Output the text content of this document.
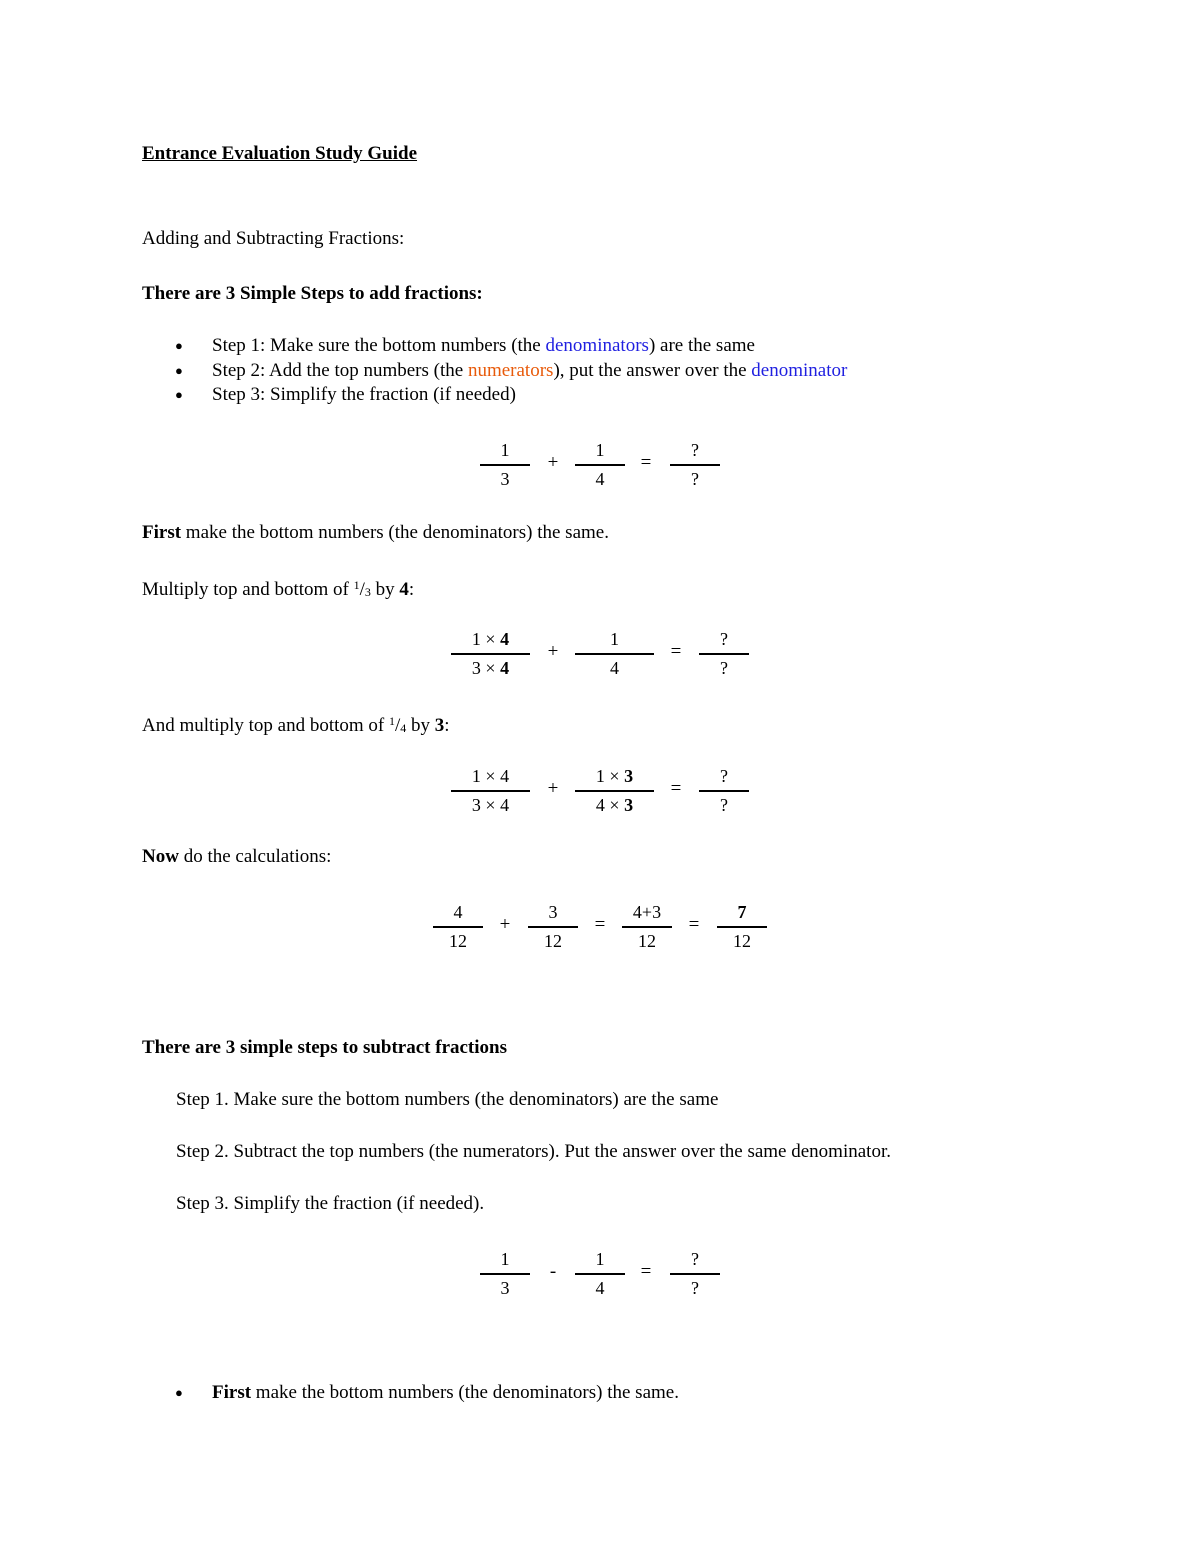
Entrance Evaluation Study Guide
Adding and Subtracting Fractions:
There are 3 Simple Steps to add fractions:
● Step 1: Make sure the bottom numbers (the denominators) are the same
● Step 2: Add the top numbers (the numerators), put the answer over the denominator
● Step 3: Simplify the fraction (if needed)
1
3
+
1
4
=
?
?
First make the bottom numbers (the denominators) the same.
Multiply top and bottom of $^1/_3$ by 4:
1 × 4
3 × 4
+
1
4
=
?
?
And multiply top and bottom of $^1/_4$ by 3:
1 × 4
3 × 4
+
1 × 3
4 × 3
=
?
?
Now do the calculations:
4
12
+
3
12
=
4+3
12
=
7
12
There are 3 simple steps to subtract fractions
Step 1. Make sure the bottom numbers (the denominators) are the same
Step 2. Subtract the top numbers (the numerators). Put the answer over the same denominator.
Step 3. Simplify the fraction (if needed).
1
3
-
1
4
=
?
?
● First make the bottom numbers (the denominators) the same.
